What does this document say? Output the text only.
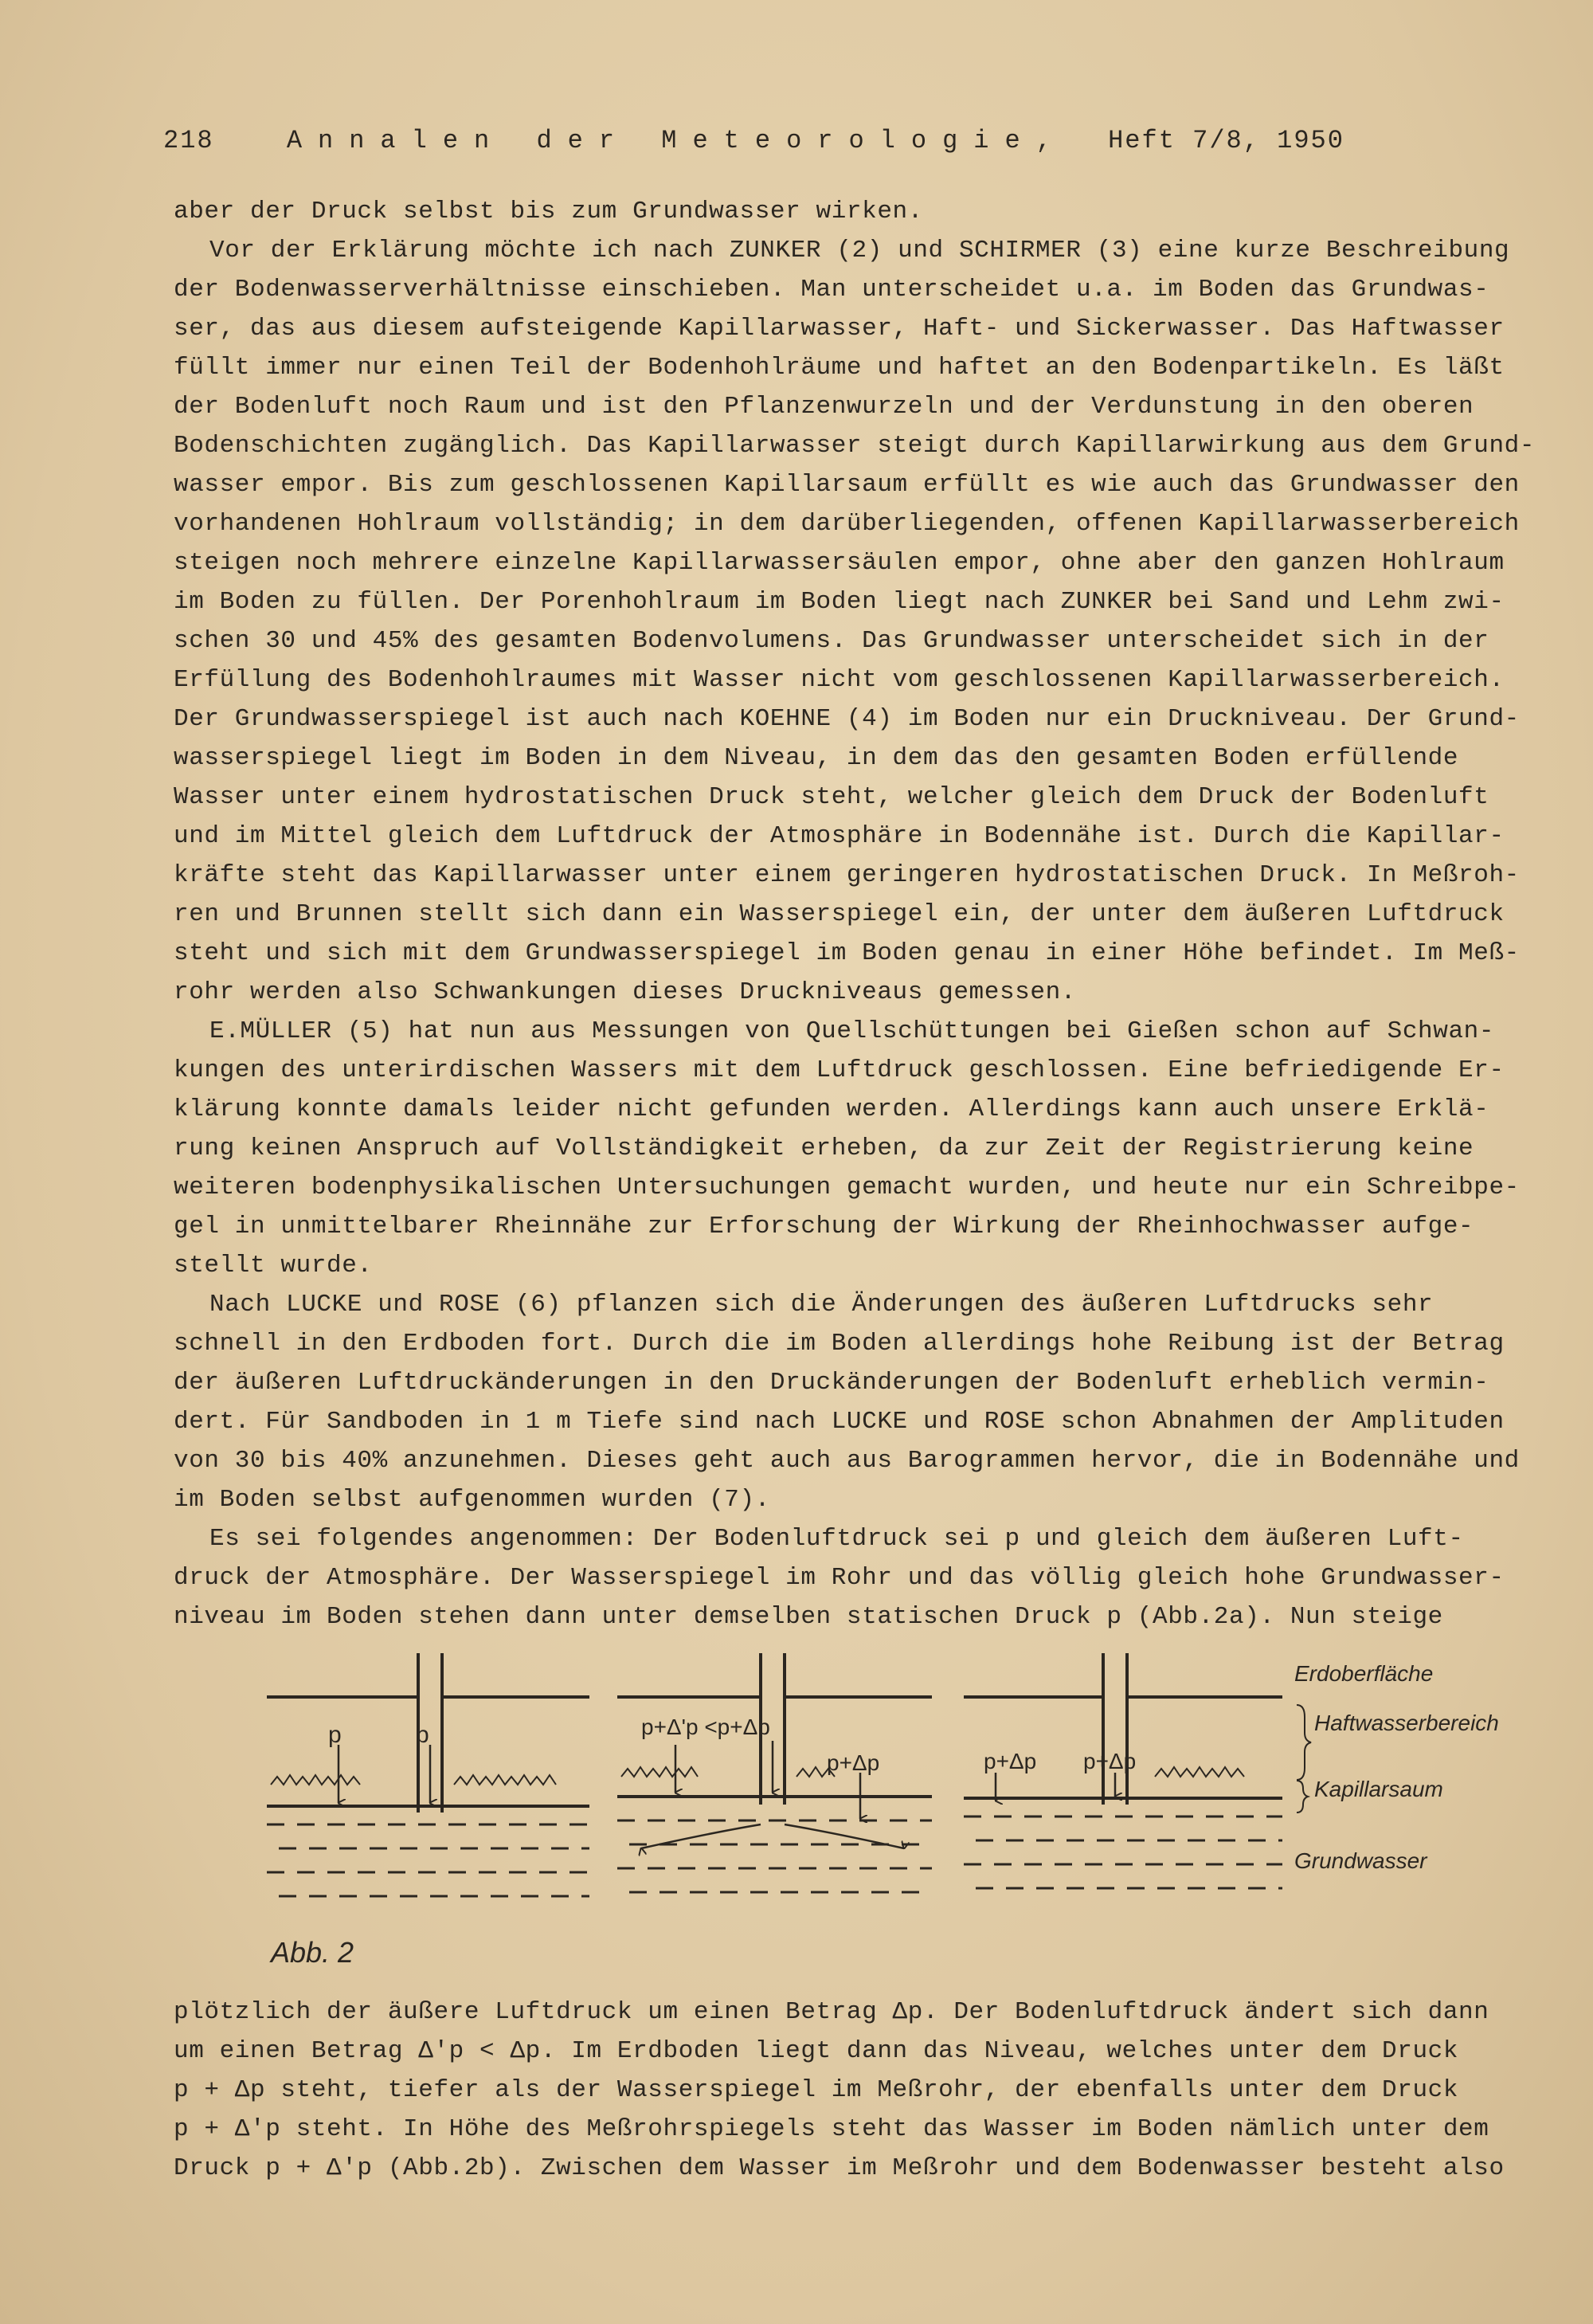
218	Annalen der Meteorologie, Heft 7/8, 1950
aber der Druck selbst bis zum Grundwasser wirken.
Vor der Erklärung möchte ich nach ZUNKER (2) und SCHIRMER (3) eine kurze Beschreibung
der Bodenwasserverhältnisse einschieben. Man unterscheidet u.a. im Boden das Grundwas-
ser, das aus diesem aufsteigende Kapillarwasser, Haft- und Sickerwasser. Das Haftwasser
füllt immer nur einen Teil der Bodenhohlräume und haftet an den Bodenpartikeln. Es läßt
der Bodenluft noch Raum und ist den Pflanzenwurzeln und der Verdunstung in den oberen
Bodenschichten zugänglich. Das Kapillarwasser steigt durch Kapillarwirkung aus dem Grund-
wasser empor. Bis zum geschlossenen Kapillarsaum erfüllt es wie auch das Grundwasser den
vorhandenen Hohlraum vollständig; in dem darüberliegenden, offenen Kapillarwasserbereich
steigen noch mehrere einzelne Kapillarwassersäulen empor, ohne aber den ganzen Hohlraum
im Boden zu füllen. Der Porenhohlraum im Boden liegt nach ZUNKER bei Sand und Lehm zwi-
schen 30 und 45% des gesamten Bodenvolumens. Das Grundwasser unterscheidet sich in der
Erfüllung des Bodenhohlraumes mit Wasser nicht vom geschlossenen Kapillarwasserbereich.
Der Grundwasserspiegel ist auch nach KOEHNE (4) im Boden nur ein Druckniveau. Der Grund-
wasserspiegel liegt im Boden in dem Niveau, in dem das den gesamten Boden erfüllende
Wasser unter einem hydrostatischen Druck steht, welcher gleich dem Druck der Bodenluft
und im Mittel gleich dem Luftdruck der Atmosphäre in Bodennähe ist. Durch die Kapillar-
kräfte steht das Kapillarwasser unter einem geringeren hydrostatischen Druck. In Meßroh-
ren und Brunnen stellt sich dann ein Wasserspiegel ein, der unter dem äußeren Luftdruck
steht und sich mit dem Grundwasserspiegel im Boden genau in einer Höhe befindet. Im Meß-
rohr werden also Schwankungen dieses Druckniveaus gemessen.
E.MÜLLER (5) hat nun aus Messungen von Quellschüttungen bei Gießen schon auf Schwan-
kungen des unterirdischen Wassers mit dem Luftdruck geschlossen. Eine befriedigende Er-
klärung konnte damals leider nicht gefunden werden. Allerdings kann auch unsere Erklä-
rung keinen Anspruch auf Vollständigkeit erheben, da zur Zeit der Registrierung keine
weiteren bodenphysikalischen Untersuchungen gemacht wurden, und heute nur ein Schreibpe-
gel in unmittelbarer Rheinnähe zur Erforschung der Wirkung der Rheinhochwasser aufge-
stellt wurde.
Nach LUCKE und ROSE (6) pflanzen sich die Änderungen des äußeren Luftdrucks sehr
schnell in den Erdboden fort. Durch die im Boden allerdings hohe Reibung ist der Betrag
der äußeren Luftdruckänderungen in den Druckänderungen der Bodenluft erheblich vermin-
dert. Für Sandboden in 1 m Tiefe sind nach LUCKE und ROSE schon Abnahmen der Amplituden
von 30 bis 40% anzunehmen. Dieses geht auch aus Barogrammen hervor, die in Bodennähe und
im Boden selbst aufgenommen wurden (7).
Es sei folgendes angenommen: Der Bodenluftdruck sei p und gleich dem äußeren Luft-
druck der Atmosphäre. Der Wasserspiegel im Rohr und das völlig gleich hohe Grundwasser-
niveau im Boden stehen dann unter demselben statischen Druck p (Abb.2a). Nun steige
p	p	p+Δ'p <p+Δp
p+Δp	p+Δp p+Δp
Erdoberfläche
Haftwasserbereich
Kapillarsaum
Grundwasser
Abb. 2
plötzlich der äußere Luftdruck um einen Betrag Δp. Der Bodenluftdruck ändert sich dann
um einen Betrag Δ'p < Δp. Im Erdboden liegt dann das Niveau, welches unter dem Druck
p + Δp steht, tiefer als der Wasserspiegel im Meßrohr, der ebenfalls unter dem Druck
p + Δ'p steht. In Höhe des Meßrohrspiegels steht das Wasser im Boden nämlich unter dem
Druck p + Δ'p (Abb.2b). Zwischen dem Wasser im Meßrohr und dem Bodenwasser besteht also
